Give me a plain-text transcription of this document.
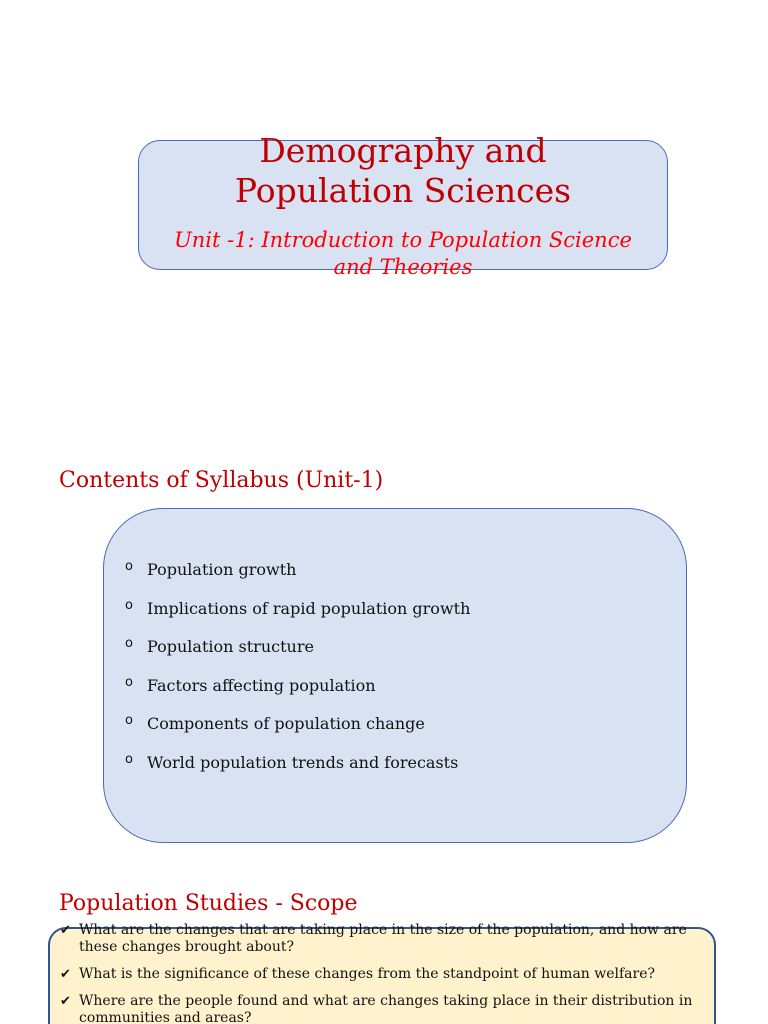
Demography and
Population Sciences
Unit -1: Introduction to Population Science
and Theories
Contents of Syllabus (Unit-1)
o Population growth
o Implications of rapid population growth
o Population structure
o Factors affecting population
o Components of population change
o World population trends and forecasts
Population Studies - Scope
✔ What are the changes that are taking place in the size of the population, and how are these changes brought about?
✔ What is the significance of these changes from the standpoint of human welfare?
✔ Where are the people found and what are changes taking place in their distribution in communities and areas?
